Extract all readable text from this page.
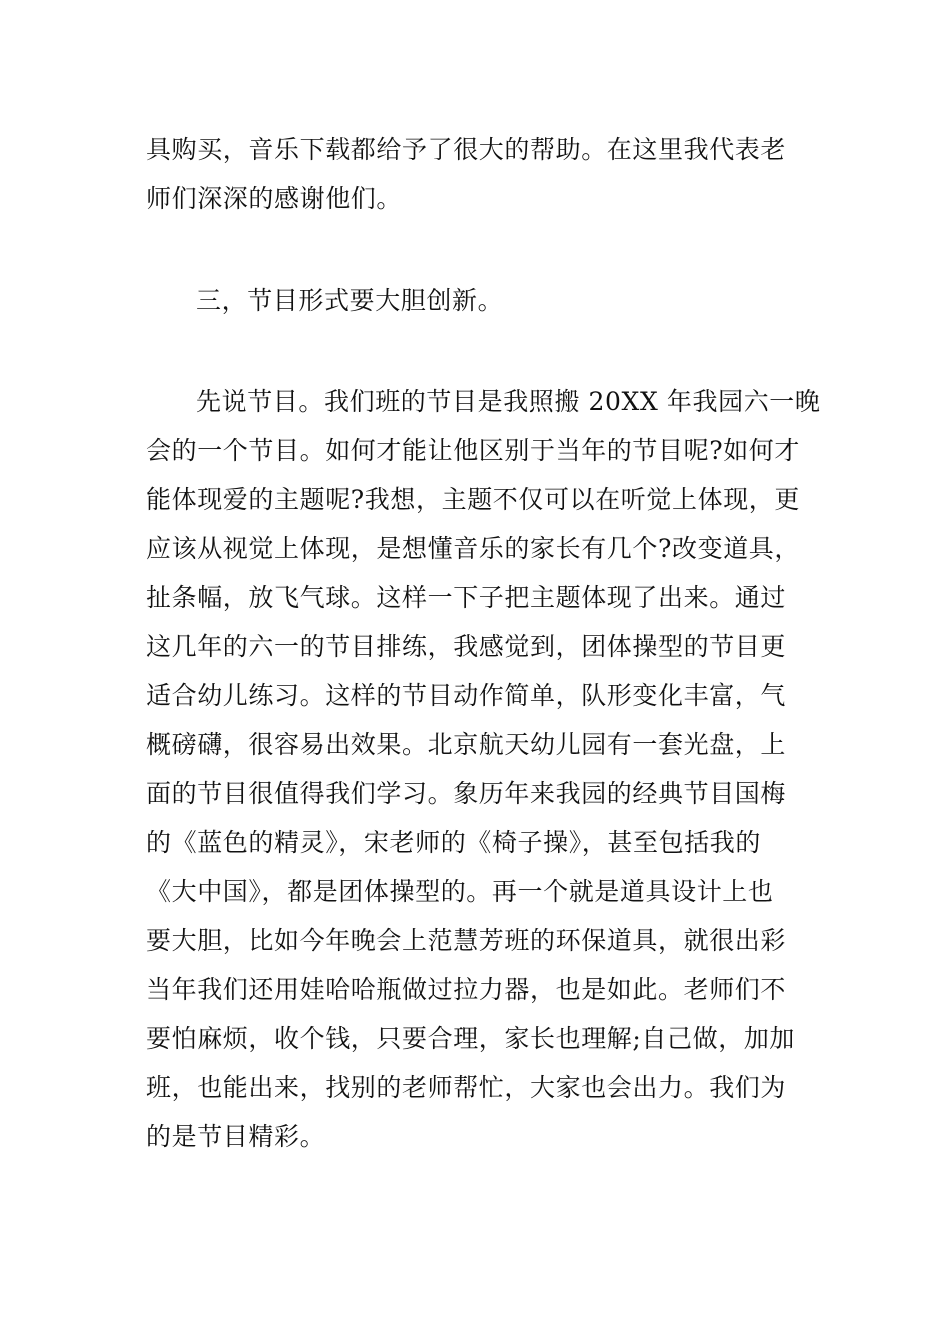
具购买，音乐下载都给予了很大的帮助。在这里我代表老
师们深深的感谢他们。
三，节目形式要大胆创新。
先说节目。我们班的节目是我照搬 20XX 年我园六一晚
会的一个节目。如何才能让他区别于当年的节目呢?如何才
能体现爱的主题呢?我想，主题不仅可以在听觉上体现，更
应该从视觉上体现，是想懂音乐的家长有几个?改变道具，
扯条幅，放飞气球。这样一下子把主题体现了出来。通过
这几年的六一的节目排练，我感觉到，团体操型的节目更
适合幼儿练习。这样的节目动作简单，队形变化丰富，气
概磅礴，很容易出效果。北京航天幼儿园有一套光盘，上
面的节目很值得我们学习。象历年来我园的经典节目国梅
的《蓝色的精灵》，宋老师的《椅子操》，甚至包括我的
《大中国》，都是团体操型的。再一个就是道具设计上也
要大胆，比如今年晚会上范慧芳班的环保道具，就很出彩
当年我们还用娃哈哈瓶做过拉力器，也是如此。老师们不
要怕麻烦，收个钱，只要合理，家长也理解;自己做，加加
班，也能出来，找别的老师帮忙，大家也会出力。我们为
的是节目精彩。
